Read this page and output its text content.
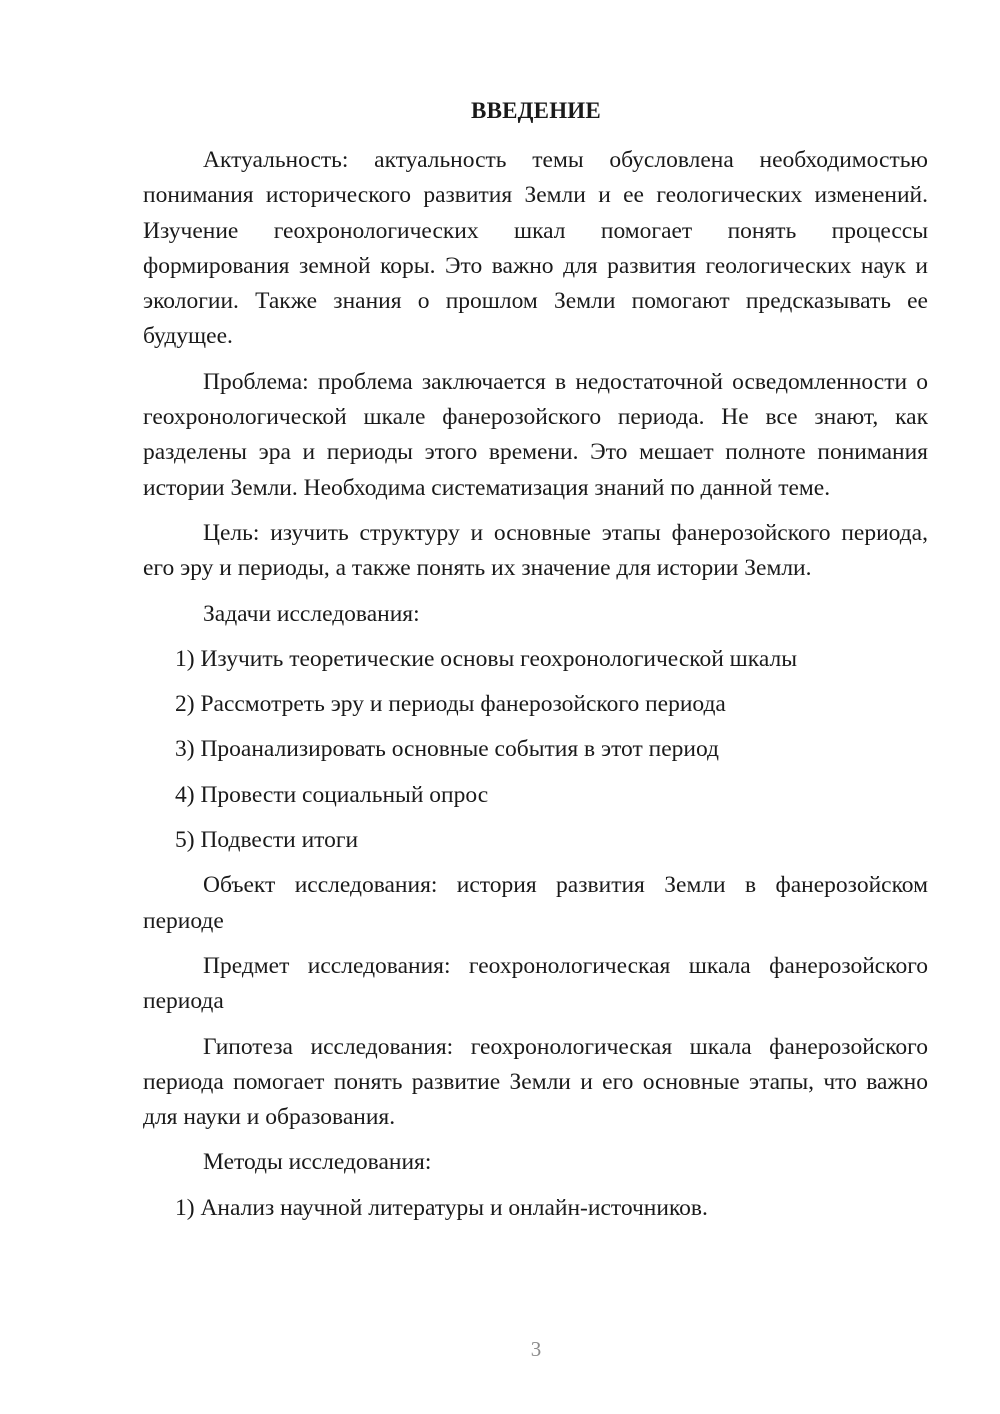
ВВЕДЕНИЕ

Актуальность: актуальность темы обусловлена необходимостью понимания исторического развития Земли и ее геологических изменений. Изучение геохронологических шкал помогает понять процессы формирования земной коры. Это важно для развития геологических наук и экологии. Также знания о прошлом Земли помогают предсказывать ее будущее.

Проблема: проблема заключается в недостаточной осведомленности о геохронологической шкале фанерозойского периода. Не все знают, как разделены эра и периоды этого времени. Это мешает полноте понимания истории Земли. Необходима систематизация знаний по данной теме.

Цель: изучить структуру и основные этапы фанерозойского периода, его эру и периоды, а также понять их значение для истории Земли.

Задачи исследования:

1) Изучить теоретические основы геохронологической шкалы
2) Рассмотреть эру и периоды фанерозойского периода
3) Проанализировать основные события в этот период
4) Провести социальный опрос
5) Подвести итоги

Объект исследования: история развития Земли в фанерозойском периоде

Предмет исследования: геохронологическая шкала фанерозойского периода

Гипотеза исследования: геохронологическая шкала фанерозойского периода помогает понять развитие Земли и его основные этапы, что важно для науки и образования.

Методы исследования:

1) Анализ научной литературы и онлайн-источников.
3
